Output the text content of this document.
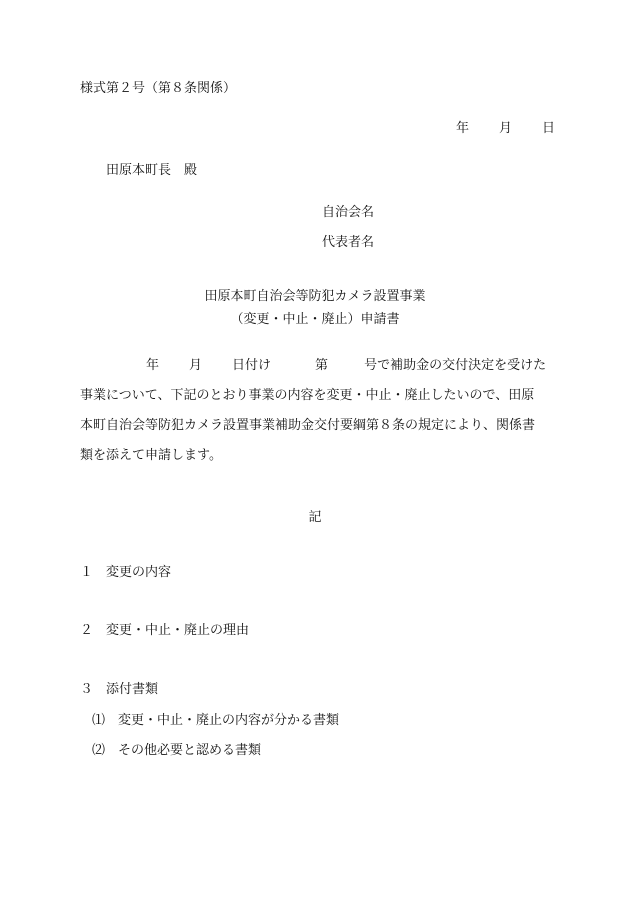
様式第２号（第８条関係）
年 月 日
田原本町長　殿
自治会名
代表者名
田原本町自治会等防犯カメラ設置事業
（変更・中止・廃止）申請書
年 月 日付け	第	号で補助金の交付決定を受けた
事業について、下記のとおり事業の内容を変更・中止・廃止したいので、田原
本町自治会等防犯カメラ設置事業補助金交付要綱第８条の規定により、関係書
類を添えて申請します。
記
１ 変更の内容
２ 変更・中止・廃止の理由
３ 添付書類
⑴ 変更・中止・廃止の内容が分かる書類
⑵ その他必要と認める書類
